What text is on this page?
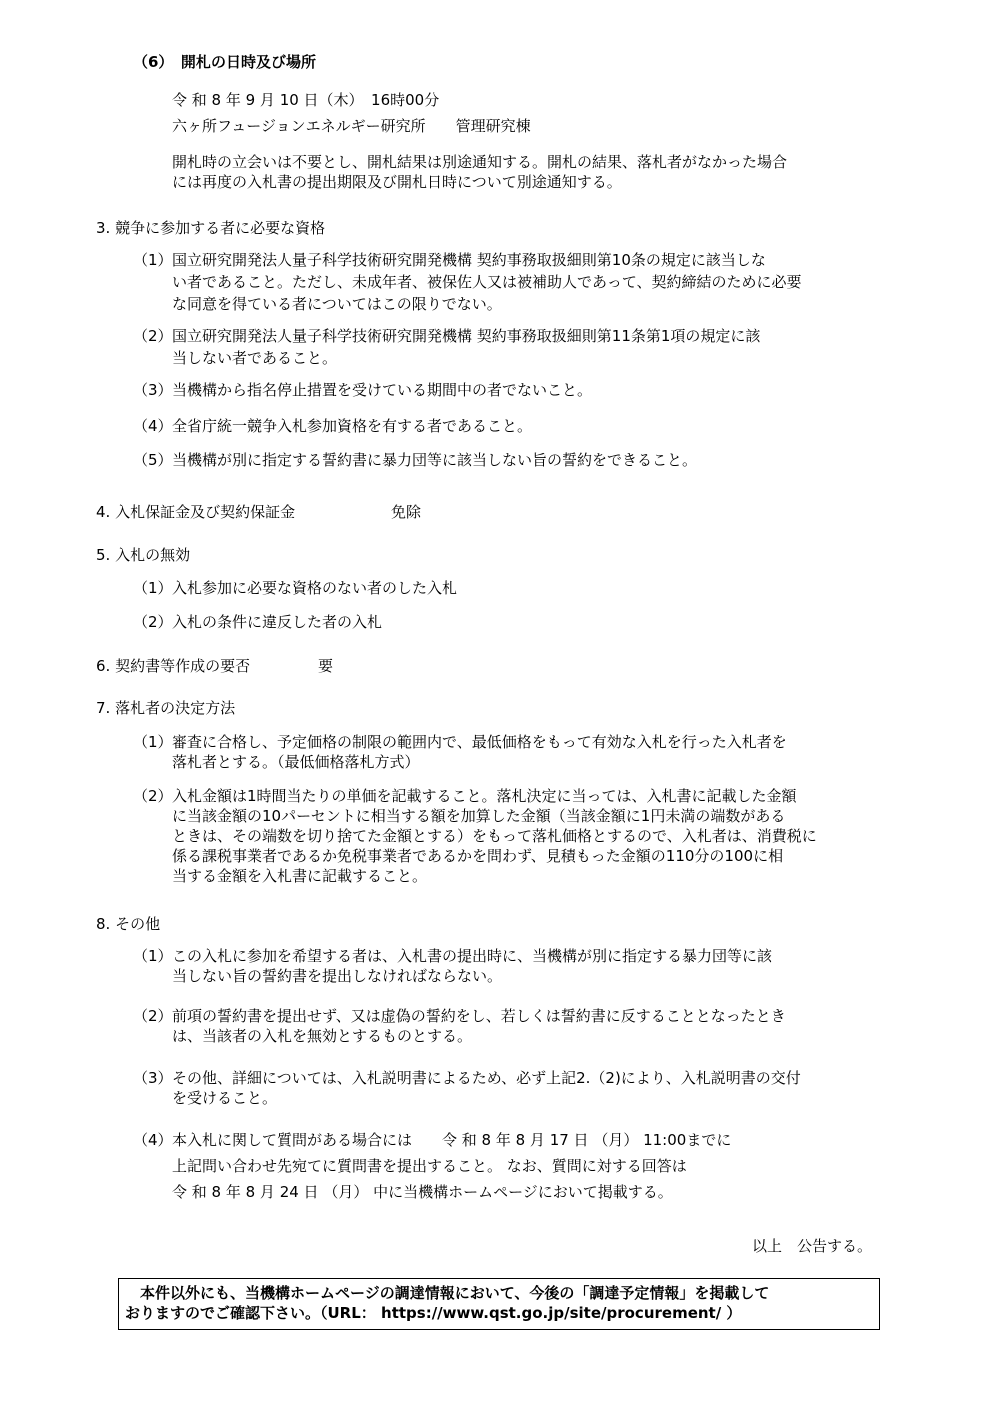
（6）　開札の日時及び場所
令 和 8 年 9 月 10 日（木）　16時00分
六ヶ所フュージョンエネルギー研究所　　管理研究棟
開札時の立会いは不要とし、開札結果は別途通知する。開札の結果、落札者がなかった場合
には再度の入札書の提出期限及び開札日時について別途通知する。
3. 競争に参加する者に必要な資格
（1） 国立研究開発法人量子科学技術研究開発機構 契約事務取扱細則第10条の規定に該当しな
い者であること。ただし、未成年者、被保佐人又は被補助人であって、契約締結のために必要
な同意を得ている者についてはこの限りでない。
（2） 国立研究開発法人量子科学技術研究開発機構 契約事務取扱細則第11条第1項の規定に該
当しない者であること。
（3） 当機構から指名停止措置を受けている期間中の者でないこと。
（4） 全省庁統一競争入札参加資格を有する者であること。
（5） 当機構が別に指定する誓約書に暴力団等に該当しない旨の誓約をできること。
4. 入札保証金及び契約保証金	免除
5. 入札の無効
（1） 入札参加に必要な資格のない者のした入札
（2） 入札の条件に違反した者の入札
6. 契約書等作成の要否	要
7. 落札者の決定方法
（1） 審査に合格し、予定価格の制限の範囲内で、最低価格をもって有効な入札を行った入札者を
落札者とする。（最低価格落札方式）
（2） 入札金額は1時間当たりの単価を記載すること。落札決定に当っては、入札書に記載した金額
に当該金額の10パーセントに相当する額を加算した金額（当該金額に1円未満の端数がある
ときは、その端数を切り捨てた金額とする）をもって落札価格とするので、入札者は、消費税に
係る課税事業者であるか免税事業者であるかを問わず、見積もった金額の110分の100に相
当する金額を入札書に記載すること。
8. その他
（1） この入札に参加を希望する者は、入札書の提出時に、当機構が別に指定する暴力団等に該
当しない旨の誓約書を提出しなければならない。
（2） 前項の誓約書を提出せず、又は虚偽の誓約をし、若しくは誓約書に反することとなったとき
は、当該者の入札を無効とするものとする。
（3） その他、詳細については、入札説明書によるため、必ず上記2.（2)により、入札説明書の交付
を受けること。
（4） 本入札に関して質問がある場合には　　令 和 8 年 8 月 17 日 （月） 11:00までに
上記問い合わせ先宛てに質問書を提出すること。 なお、質問に対する回答は
令 和 8 年 8 月 24 日 （月） 中に当機構ホームページにおいて掲載する。
以上　公告する。
　本件以外にも、当機構ホームページの調達情報において、今後の「調達予定情報」を掲載して
おりますのでご確認下さい。（URL： https://www.qst.go.jp/site/procurement/ ）
